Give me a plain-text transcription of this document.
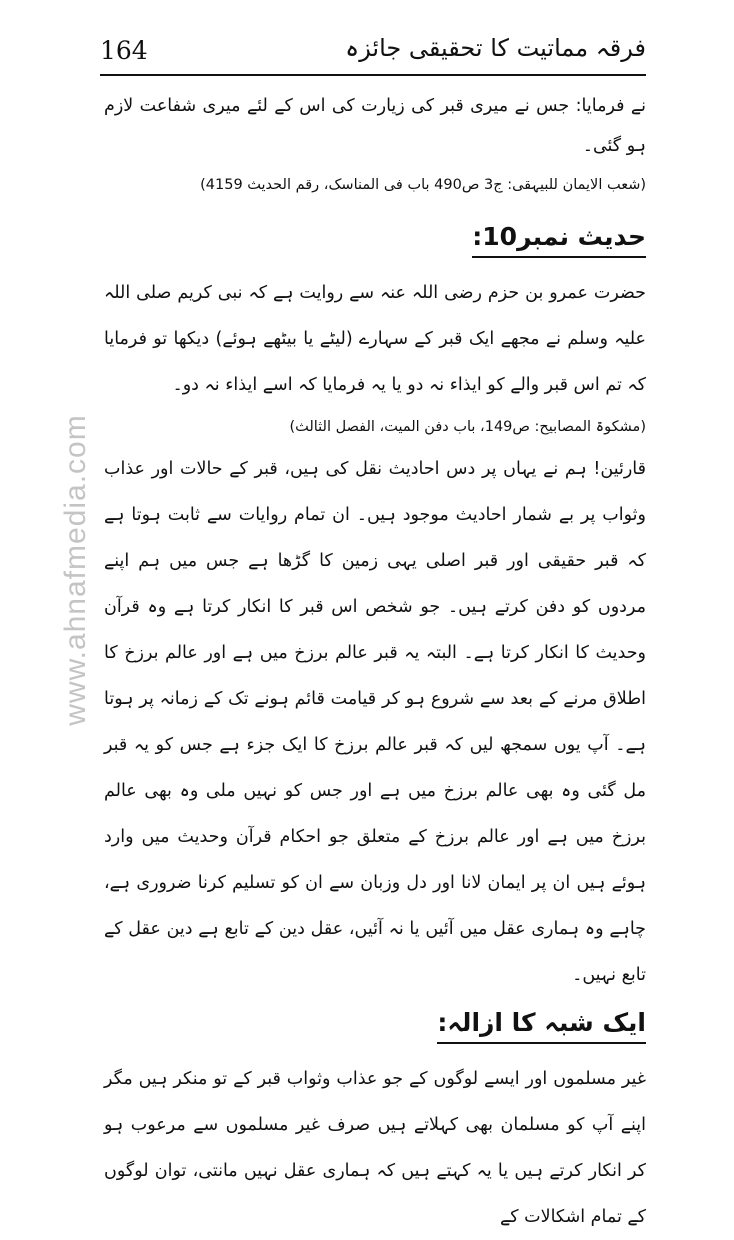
164	فرقہ مماتیت کا تحقیقی جائزہ
www.ahnafmedia.com

نے فرمایا: جس نے میری قبر کی زیارت کی اس کے لئے میری شفاعت لازم ہو گئی۔

(شعب الایمان للبیہقی: ج3 ص490 باب فی المناسک، رقم الحدیث 4159)

حدیث نمبر10:

حضرت عمرو بن حزم رضی اللہ عنہ سے روایت ہے کہ نبی کریم صلی اللہ علیہ وسلم نے مجھے ایک قبر کے سہارے (لیٹے یا بیٹھے ہوئے) دیکھا تو فرمایا کہ تم اس قبر والے کو ایذاء نہ دو یا یہ فرمایا کہ اسے ایذاء نہ دو۔

(مشکوۃ المصابیح: ص149، باب دفن المیت، الفصل الثالث)

قارئین! ہم نے یہاں پر دس احادیث نقل کی ہیں، قبر کے حالات اور عذاب وثواب پر بے شمار احادیث موجود ہیں۔ ان تمام روایات سے ثابت ہوتا ہے کہ قبر حقیقی اور قبر اصلی یہی زمین کا گڑھا ہے جس میں ہم اپنے مردوں کو دفن کرتے ہیں۔ جو شخص اس قبر کا انکار کرتا ہے وہ قرآن وحدیث کا انکار کرتا ہے۔ البتہ یہ قبر عالم برزخ میں ہے اور عالم برزخ کا اطلاق مرنے کے بعد سے شروع ہو کر قیامت قائم ہونے تک کے زمانہ پر ہوتا ہے۔ آپ یوں سمجھ لیں کہ قبر عالم برزخ کا ایک جزء ہے جس کو یہ قبر مل گئی وہ بھی عالم برزخ میں ہے اور جس کو نہیں ملی وہ بھی عالم برزخ میں ہے اور عالم برزخ کے متعلق جو احکام قرآن وحدیث میں وارد ہوئے ہیں ان پر ایمان لانا اور دل وزبان سے ان کو تسلیم کرنا ضروری ہے، چاہے وہ ہماری عقل میں آئیں یا نہ آئیں، عقل دین کے تابع ہے دین عقل کے تابع نہیں۔

ایک شبہ کا ازالہ:

غیر مسلموں اور ایسے لوگوں کے جو عذاب وثواب قبر کے تو منکر ہیں مگر اپنے آپ کو مسلمان بھی کہلاتے ہیں صرف غیر مسلموں سے مرعوب ہو کر انکار کرتے ہیں یا یہ کہتے ہیں کہ ہماری عقل نہیں مانتی، توان لوگوں کے تمام اشکالات کے
